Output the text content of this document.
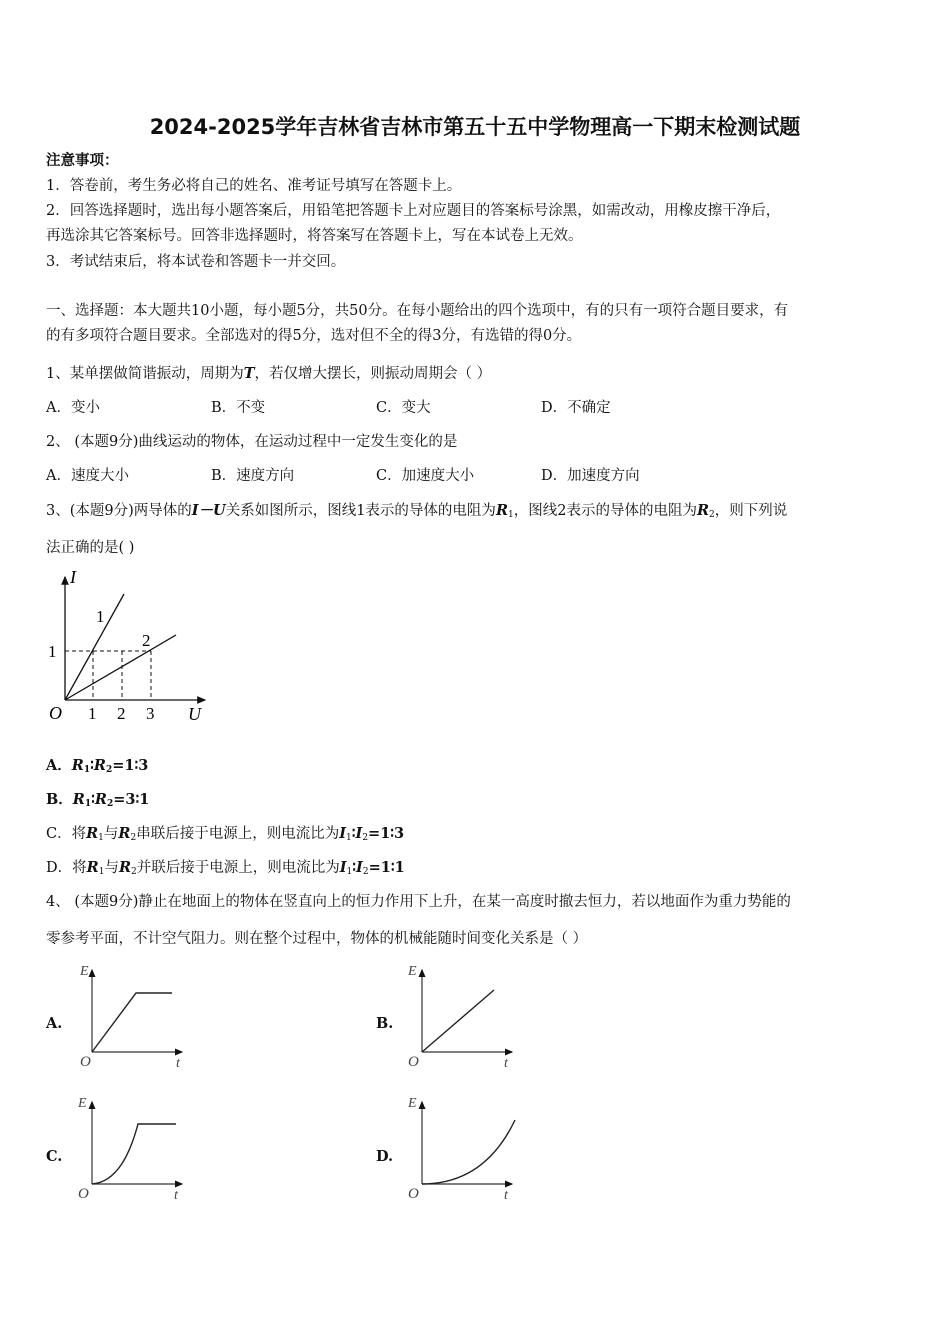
2024-2025学年吉林省吉林市第五十五中学物理高一下期末检测试题
注意事项：
1．答卷前，考生务必将自己的姓名、准考证号填写在答题卡上。
2．回答选择题时，选出每小题答案后，用铅笔把答题卡上对应题目的答案标号涂黑，如需改动，用橡皮擦干净后，
再选涂其它答案标号。回答非选择题时，将答案写在答题卡上，写在本试卷上无效。
3．考试结束后，将本试卷和答题卡一并交回。
一、选择题：本大题共10小题，每小题5分，共50分。在每小题给出的四个选项中，有的只有一项符合题目要求，有
的有多项符合题目要求。全部选对的得5分，选对但不全的得3分，有选错的得0分。
1、某单摆做简谐振动，周期为T，若仅增大摆长，则振动周期会（ ）
A．变小	B．不变	C．变大	D．不确定
2、 (本题9分)曲线运动的物体，在运动过程中一定发生变化的是
A．速度大小	B．速度方向	C．加速度大小	D．加速度方向
3、(本题9分)两导体的I－U关系如图所示，图线1表示的导体的电阻为$R_1$，图线2表示的导体的电阻为$R_2$，则下列说
法正确的是( )
I
U
O 1 2 3
1
1
2
A．$R_1∶R_2=1∶3$
B．$R_1∶R_2=3∶1$
C．将$R_1$与$R_2$串联后接于电源上，则电流比为$I_1∶I_2=1∶3$
D．将$R_1$与$R_2$并联后接于电源上，则电流比为$I_1∶I_2=1∶1$
4、 (本题9分)静止在地面上的物体在竖直向上的恒力作用下上升，在某一高度时撤去恒力，若以地面作为重力势能的
零参考平面，不计空气阻力。则在整个过程中，物体的机械能随时间变化关系是（ ）
A.	B.
C.	D.
E
O	t
E
O	t
E
O	t
E
O	t
